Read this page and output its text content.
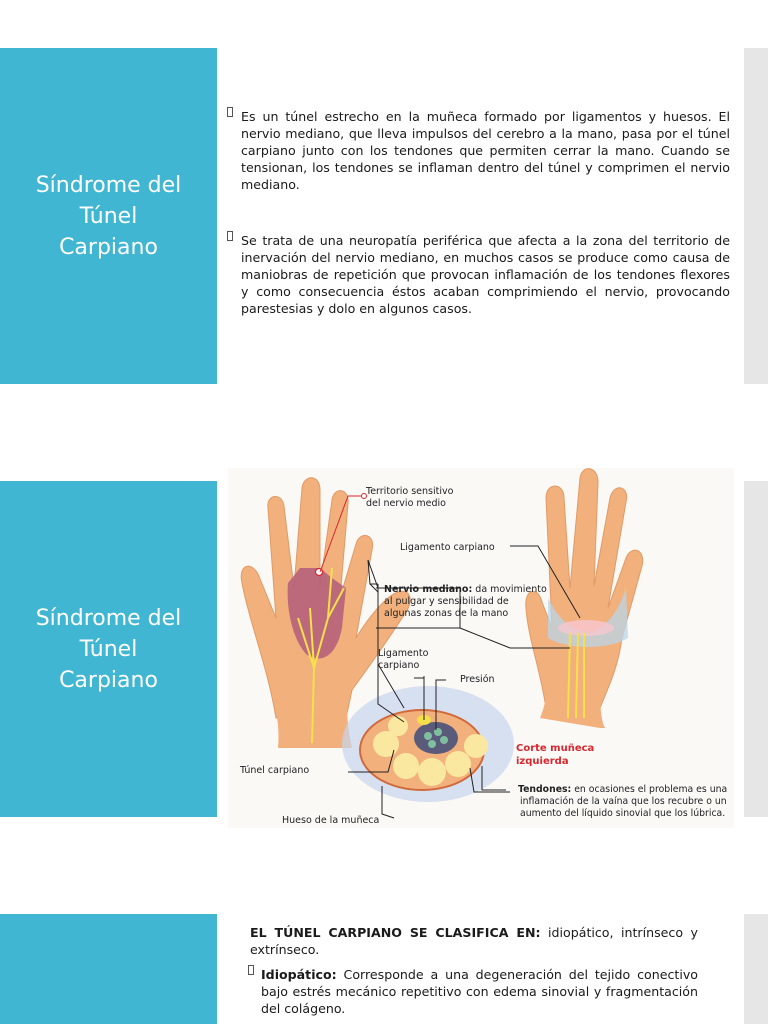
Síndrome del
Túnel
Carpiano
Es un túnel estrecho en la muñeca formado por ligamentos y huesos. El nervio mediano, que lleva impulsos del cerebro a la mano, pasa por el túnel carpiano junto con los tendones que permiten cerrar la mano. Cuando se tensionan, los tendones se inflaman dentro del túnel y comprimen el nervio mediano.
Se trata de una neuropatía periférica que afecta a la zona del territorio de inervación del nervio mediano, en muchos casos se produce como causa de maniobras de repetición que provocan inflamación de los tendones flexores y como consecuencia éstos acaban comprimiendo el nervio, provocando parestesias y dolo en algunos casos.
Síndrome del
Túnel
Carpiano
Territorio sensitivo del nervio medio
Ligamento carpiano
Nervio mediano: da movimiento al pulgar y sensibilidad de algunas zonas de la mano
Ligamento carpiano
Presión
Corte muñeca izquierda
Túnel carpiano
Tendones: en ocasiones el problema es una inflamación de la vaína que los recubre o un aumento del líquido sinovial que los lúbrica.
Hueso de la muñeca
EL TÚNEL CARPIANO SE CLASIFICA EN: idiopático, intrínseco y extrínseco.
Idiopático: Corresponde a una degeneración del tejido conectivo bajo estrés mecánico repetitivo con edema sinovial y fragmentación del colágeno.
